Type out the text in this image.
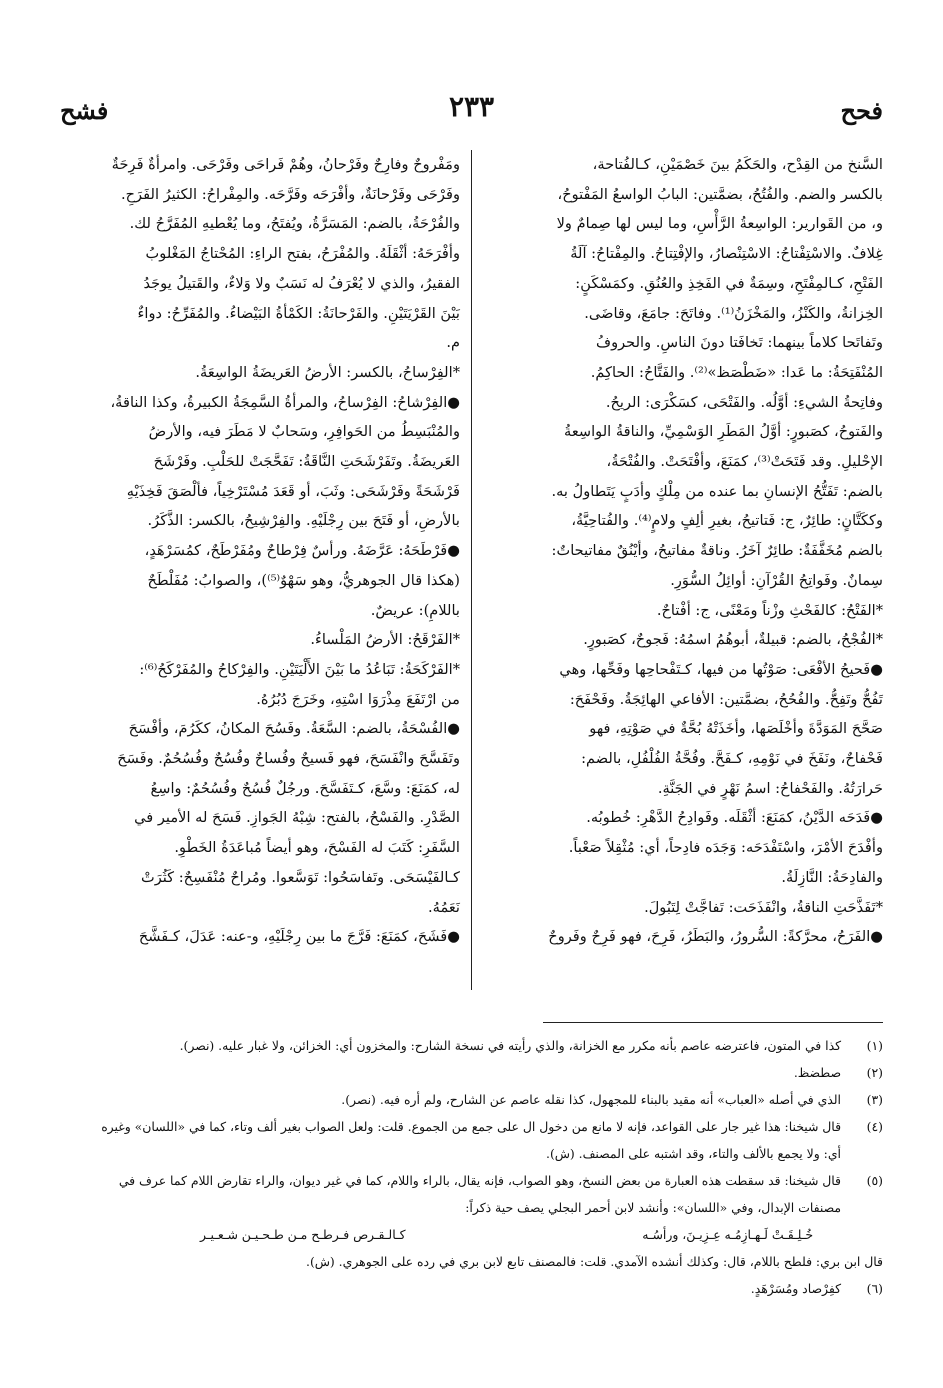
فحح
٢٣٣
فشح

السَّنخ من القِدْح، والحَكَمُ بينَ خَصْمَيْنِ، كـالفُتاحة،

بالكسر والضم. والفُتُحُ، بضمَّتين: البابُ الواسعُ المَفْتوحُ،

و، من القَوارير: الواسِعةُ الرَّأْسِ، وما ليس لها صِمامٌ ولا

غِلافٌ. والاسْتِفْتاحُ: الاسْتِنْصارُ، والإفْتِتاحُ. والمِفْتاحُ: آلَةُ

الفَتْحِ، كـالمِفْتَحِ، وسِمَةٌ في الفَخِذِ والعُنُقِ. وكمَسْكَنٍ:

الخِزانةُ، والكَنْزُ، والمَخْزَنُ⁽¹⁾. وفاتَحَ: جامَعَ، وقاضَى.

وتَفاتَحا كلاماً بينهما: تَخافَتا دونَ الناسِ. والحروفُ

المُنْفَتِحَةُ: ما عَدا: «ضَطْصَظ»⁽²⁾. والفَتَّاحُ: الحاكِمُ.

وفاتِحةُ الشيءِ: أوَّلُه. والفَتْحَى، كسَكْرَى: الريحُ.

والفَتوحُ، كصَبورٍ: أوَّلُ المَطَرِ الوَسْمِيِّ، والناقةُ الواسِعةُ

الإحْليلِ. وقد فَتَحَتْ⁽³⁾، كمَنَعَ، وأفْتَحَتْ. والفُتْحَةُ،

بالضم: تَفَتُّحُ الإنسانِ بما عنده من مِلْكٍ وأدَبٍ يَتَطاولُ به.

وككَتَّانٍ: طائِرٌ، ج: فَتاتيحُ، بغيرِ ألِفٍ ولامٍ⁽⁴⁾. والفُتاحِيَّةُ،

بالضم مُخَفَّفَةٌ: طائِرٌ آخَرُ. وناقةٌ مفاتيحُ، وأيْنُقٌ مفاتيحاتٌ:

سِمانٌ. وفَواتِحُ القُرْآنِ: أوائِلُ السُّوَرِ.

*الفَتْحُ: كالفَحْثِ وزْناً ومَعْنًى، ج: أفْتاحٌ.

*الفُجْحُ، بالضم: قبيلةٌ، أبوهُمُ اسمُهُ: فَجوحٌ، كصَبورٍ.

●فَحيحُ الأفْعَى: صَوْتُها من فيها، كـتَفْحاحِها وفَحِّها، وهي

تَفُحُّ وتَفِحُّ. والفُحُحُ، بضمَّتين: الأفاعي الهائِجَةُ. وفَحْفَحَ:

صَحَّحَ المَوَدَّةَ وأخْلَصَها، وأخَذَتْهُ بُحَّةٌ في صَوْتِهِ، فهو

فَحْفاحٌ، ونَفَخَ في نَوْمِهِ، كـفَحَّ. وفُحَّةُ الفُلْفُلِ، بالضم:

حَرارَتُهُ. والفَحْفاحُ: اسمُ نَهْرٍ في الجَنَّةِ.

●فَدَحَه الدَّيْنُ، كمَنَعَ: أثْقَلَه. وفَوادِحُ الدَّهْرِ: خُطوبُه.

وأفْدَحَ الأمْرَ، واسْتَفْدَحَه: وَجَدَه فادِحاً، أي: مُثْقِلاً صَعْباً.

والفادِحَةُ: النَّازِلَةُ.

*تَفَذَّحَتِ الناقةُ، وانْفَذَحَت: تَفاجَّتْ لِتَبُولَ.

●الفَرَحُ، محرَّكةً: السُّرورُ، والبَطَرُ، فَرِحَ، فهو فَرِحٌ وفَروحٌ

ومَفْروحٌ وفارِحٌ وفَرْحانُ، وهُمْ فَراحَى وفَرْحَى. وامرأةٌ فَرِحَةٌ

وفَرْحَى وفَرْحانَةٌ، وأفْرَحَه وفَرَّحَه. والمِفْراحُ: الكثيرُ الفَرَحِ.

والفُرْحَةُ، بالضم: المَسَرَّةُ، ويُفتَحُ، وما يُعْطيهِ المُفَرَّحُ لك.

وأفْرَحَهُ: أثْقَلَهُ. والمُفْرَحُ، بفتح الراءِ: المُحْتاجُ المَغْلوبُ

الفقيرُ، والذي لا يُعْرَفُ له نَسَبٌ ولا وَلاءٌ، والقَتيلُ يوجَدُ

بَيْنَ القَرْيَتَيْنِ. والفَرْحانَةُ: الكَمْأةُ البَيْضاءُ. والمُفَرِّحُ: دواءٌ

م.

*الفِرْساحُ، بالكسر: الأرضُ العَريضَةُ الواسِعَةُ.

●الفِرْشاحُ: الفِرْساحُ، والمرأةُ السَّمِجَةُ الكبيرةُ، وكذا الناقةُ،

والمُنْبَسِطُ من الحَوافِرِ، وسَحابٌ لا مَطَرَ فيه، والأرضُ

العَريضَةُ. وتَفَرْشَحَتِ النَّاقَةُ: تَفَحَّجَتْ للحَلْبِ. وفَرْشَحَ

فَرْشَحَةً وفَرْشَحَى: وثَبَ، أو قَعَدَ مُسْتَرْخِياً، فألْصَقَ فَخِذَيْهِ

بالأرضِ، أو فَتَحَ بين رِجْلَيْهِ. والفِرْشِيحُ، بالكسر: الذَّكَرُ.

●فَرْطَحَهُ: عَرَّضَهُ. ورأسٌ فِرْطاحٌ ومُفَرْطَحٌ، كمُسَرْهَدٍ،

(هكذا قال الجوهريُّ، وهو سَهْوٌ⁽⁵⁾)، والصوابُ: مُفَلْطَحٌ

باللامِ): عريضٌ.

*الفَرْقَحُ: الأرضُ المَلْساءُ.

*الفَرْكَحَةُ: تَبَاعُدُ ما بَيْنَ الأَلْيَتَيْنِ. والفِرْكاحُ والمُفَرْكَحُ⁽⁶⁾:

من ارْتَفَعَ مِذْرَوَا اسْتِهِ، وخَرَجَ دُبُرُهُ.

●الفُسْحَةُ، بالضم: السَّعَةُ. وفَسُحَ المكانُ، ككَرُمَ، وأفْسَحَ

وتَفَسَّحَ وانْفَسَحَ، فهو فَسيحٌ وفُساحٌ وفُسُحٌ وفُسُحُمٌ. وفَسَحَ

له، كمَنَعَ: وسَّعَ، كـتَفَسَّحَ. ورجُلٌ فُسُحٌ وفُسُحُمٌ: واسِعُ

الصَّدْرِ. والفَسْحُ، بالفتح: شِبْهُ الجَوازِ. فَسَحَ له الأمير في

السَّفَرِ: كَتَبَ له الفَسْحَ، وهو أيضاً مُباعَدَةُ الخَطْوِ.

كـالفَيْسَحَى. وتَفاسَحُوا: تَوَسَّعوا. ومُراحٌ مُنْفَسِحٌ: كَثُرَتْ

نَعَمُهُ.

●فَشَحَ، كمَنَعَ: فَرَّجَ ما بين رِجْلَيْهِ، و-عنه: عَدَلَ، كـفَشَّحَ

(١)
كذا في المتون، فاعترضه عاصم بأنه مكرر مع الخزانة، والذي رأيته في نسخة الشارح: والمخزون أي: الخزائن، ولا غبار عليه. (نصر).
(٢)
صطضظ.
(٣)
الذي في أصله «العباب» أنه مقيد بالبناء للمجهول، كذا نقله عاصم عن الشارح، ولم أره فيه. (نصر).
(٤)
قال شيخنا: هذا غير جار على القواعد، فإنه لا مانع من دخول ال على جمع من الجموع. قلت: ولعل الصواب بغير ألف وتاء، كما في «اللسان» وغيره
أي: ولا يجمع بالألف والتاء، وقد اشتبه على المصنف. (ش).
(٥)
قال شيخنا: قد سقطت هذه العبارة من بعض النسخ، وهو الصواب، فإنه يقال، بالراء واللام، كما في غير ديوان، والراء تقارض اللام كما عرف في
مصنفات الإبدال، وفي «اللسان»: وأنشد لابن أحمر البجلي يصف حية ذكراً:
خُـلِـقَـتْ لَـهـازِمُـه عِـزِيـنَ، ورأسُـه
كـالـقـرص فـرطـح مـن طـحـيـن شـعـيـر
قال ابن بري: فلطح باللام، قال: وكذلك أنشده الآمدي. قلت: فالمصنف تابع لابن بري في رده على الجوهري. (ش).
(٦)
كفِرْصاد ومُسَرْهَدٍ.
